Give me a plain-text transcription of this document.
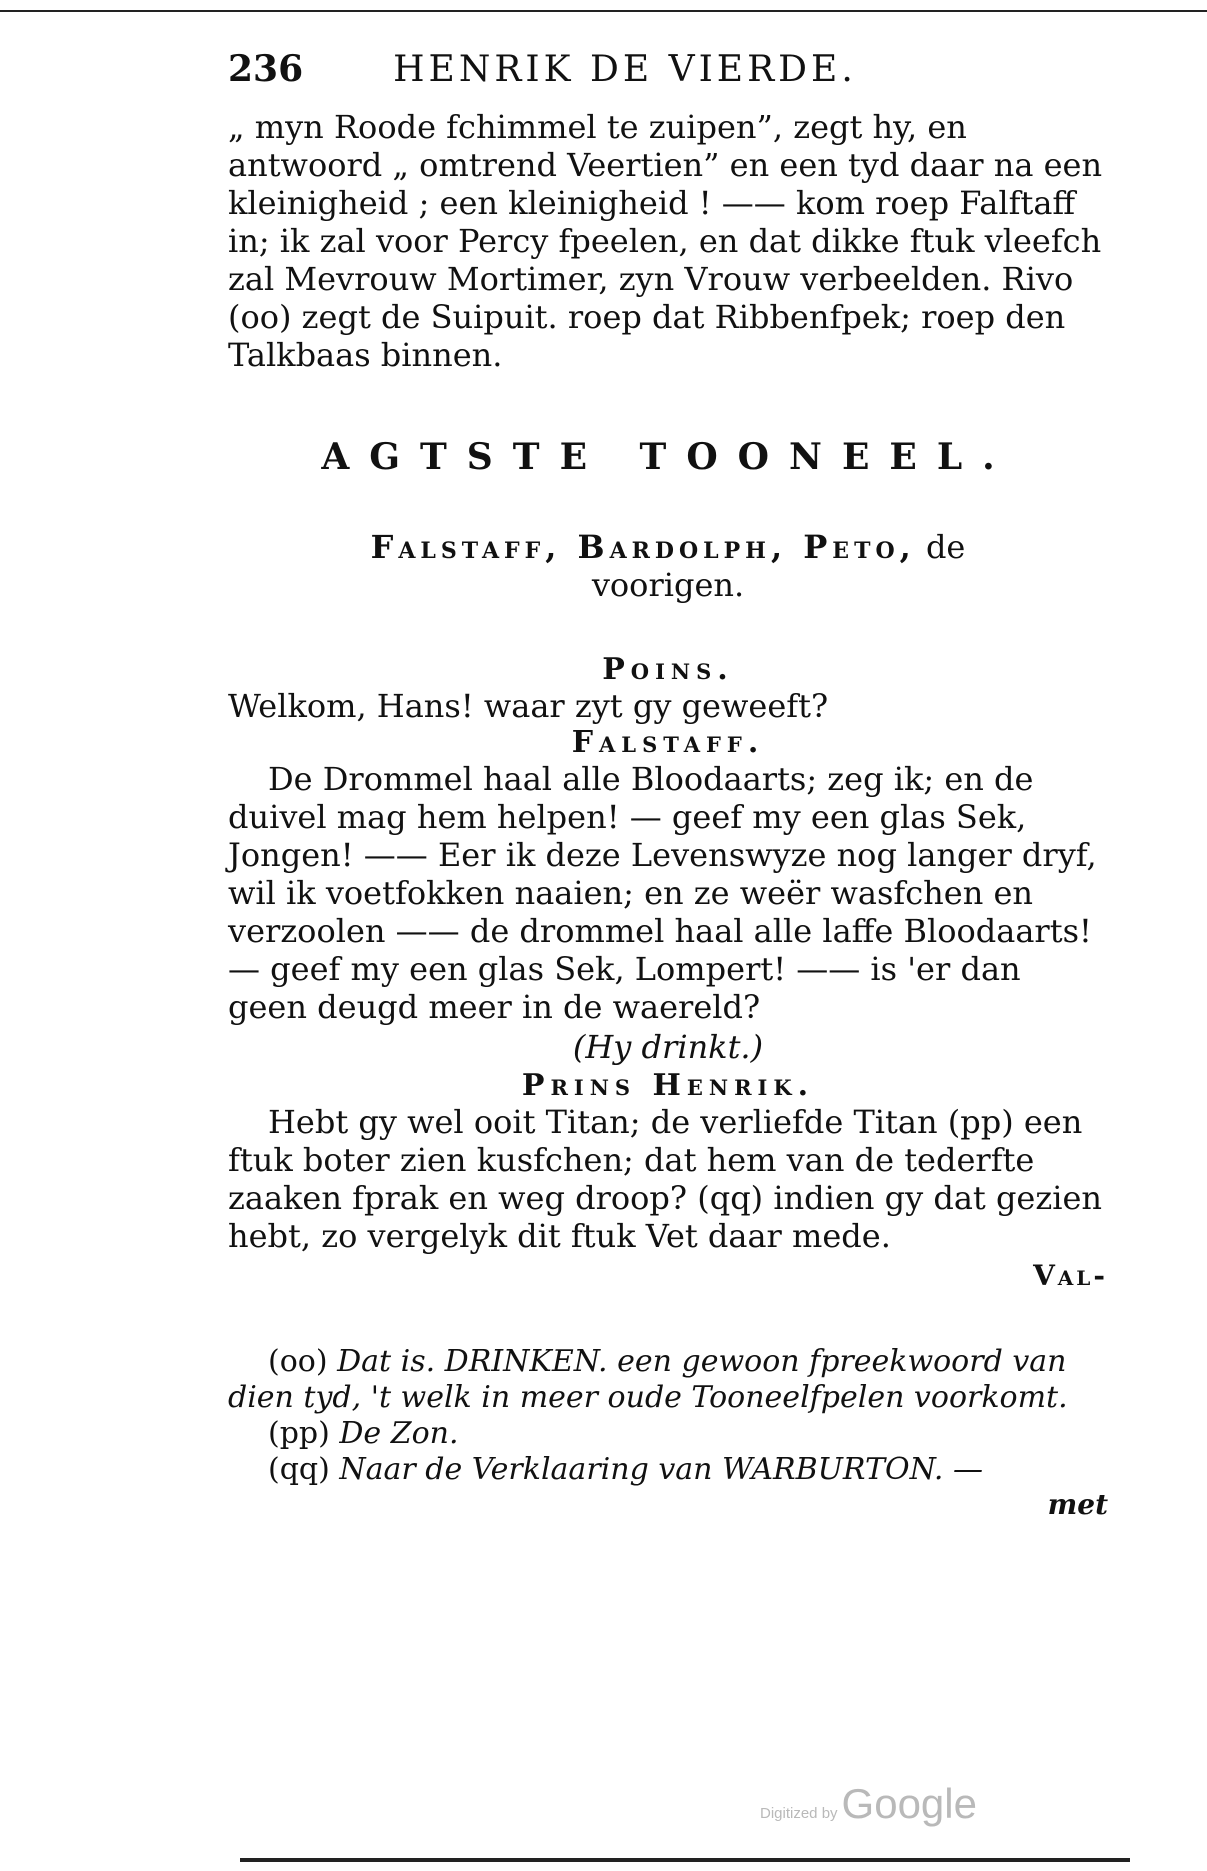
236	HENRIK DE VIERDE.

„ myn Roode fchimmel te zuipen”, zegt hy, en antwoord „ omtrend Veertien” en een tyd daar na een kleinigheid ; een kleinigheid ! —— kom roep Falftaff in; ik zal voor Percy fpeelen, en dat dikke ftuk vleefch zal Mevrouw Mortimer, zyn Vrouw verbeelden. Rivo (oo) zegt de Suipuit. roep dat Ribbenfpek; roep den Talkbaas binnen.

AGTSTE TOONEEL.

Falstaff, Bardolph, Peto, de
voorigen.

Poins.

Welkom, Hans! waar zyt gy geweeft?

Falstaff.

De Drommel haal alle Bloodaarts; zeg ik; en de duivel mag hem helpen! — geef my een glas Sek, Jongen! —— Eer ik deze Levenswyze nog langer dryf, wil ik voetfokken naaien; en ze weër wasfchen en verzoolen —— de drommel haal alle laffe Bloodaarts! — geef my een glas Sek, Lompert! —— is 'er dan geen deugd meer in de waereld?

(Hy drinkt.)

Prins Henrik.

Hebt gy wel ooit Titan; de verliefde Titan (pp) een ftuk boter zien kusfchen; dat hem van de tederfte zaaken fprak en weg droop? (qq) indien gy dat gezien hebt, zo vergelyk dit ftuk Vet daar mede.

Val-

(oo) Dat is. DRINKEN. een gewoon fpreekwoord van dien tyd, 't welk in meer oude Tooneelfpelen voorkomt.

(pp) De Zon.

(qq) Naar de Verklaaring van WARBURTON. —

met

Digitized by Google
